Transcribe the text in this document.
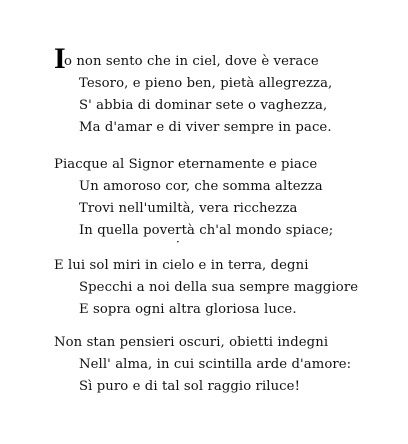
I
o non sento che in ciel, dove è verace
Tesoro, e pieno ben, pietà allegrezza,
S' abbia di dominar sete o vaghezza,
Ma d'amar e di viver sempre in pace.
Piacque al Signor eternamente e piace
Un amoroso cor, che somma altezza
Trovi nell'umiltà, vera ricchezza
In quella povertà ch'al mondo spiace;
·
E lui sol miri in cielo e in terra, degni
Specchi a noi della sua sempre maggiore
E sopra ogni altra gloriosa luce.
Non stan pensieri oscuri, obietti indegni
Nell' alma, in cui scintilla arde d'amore:
Sì puro e di tal sol raggio riluce!
